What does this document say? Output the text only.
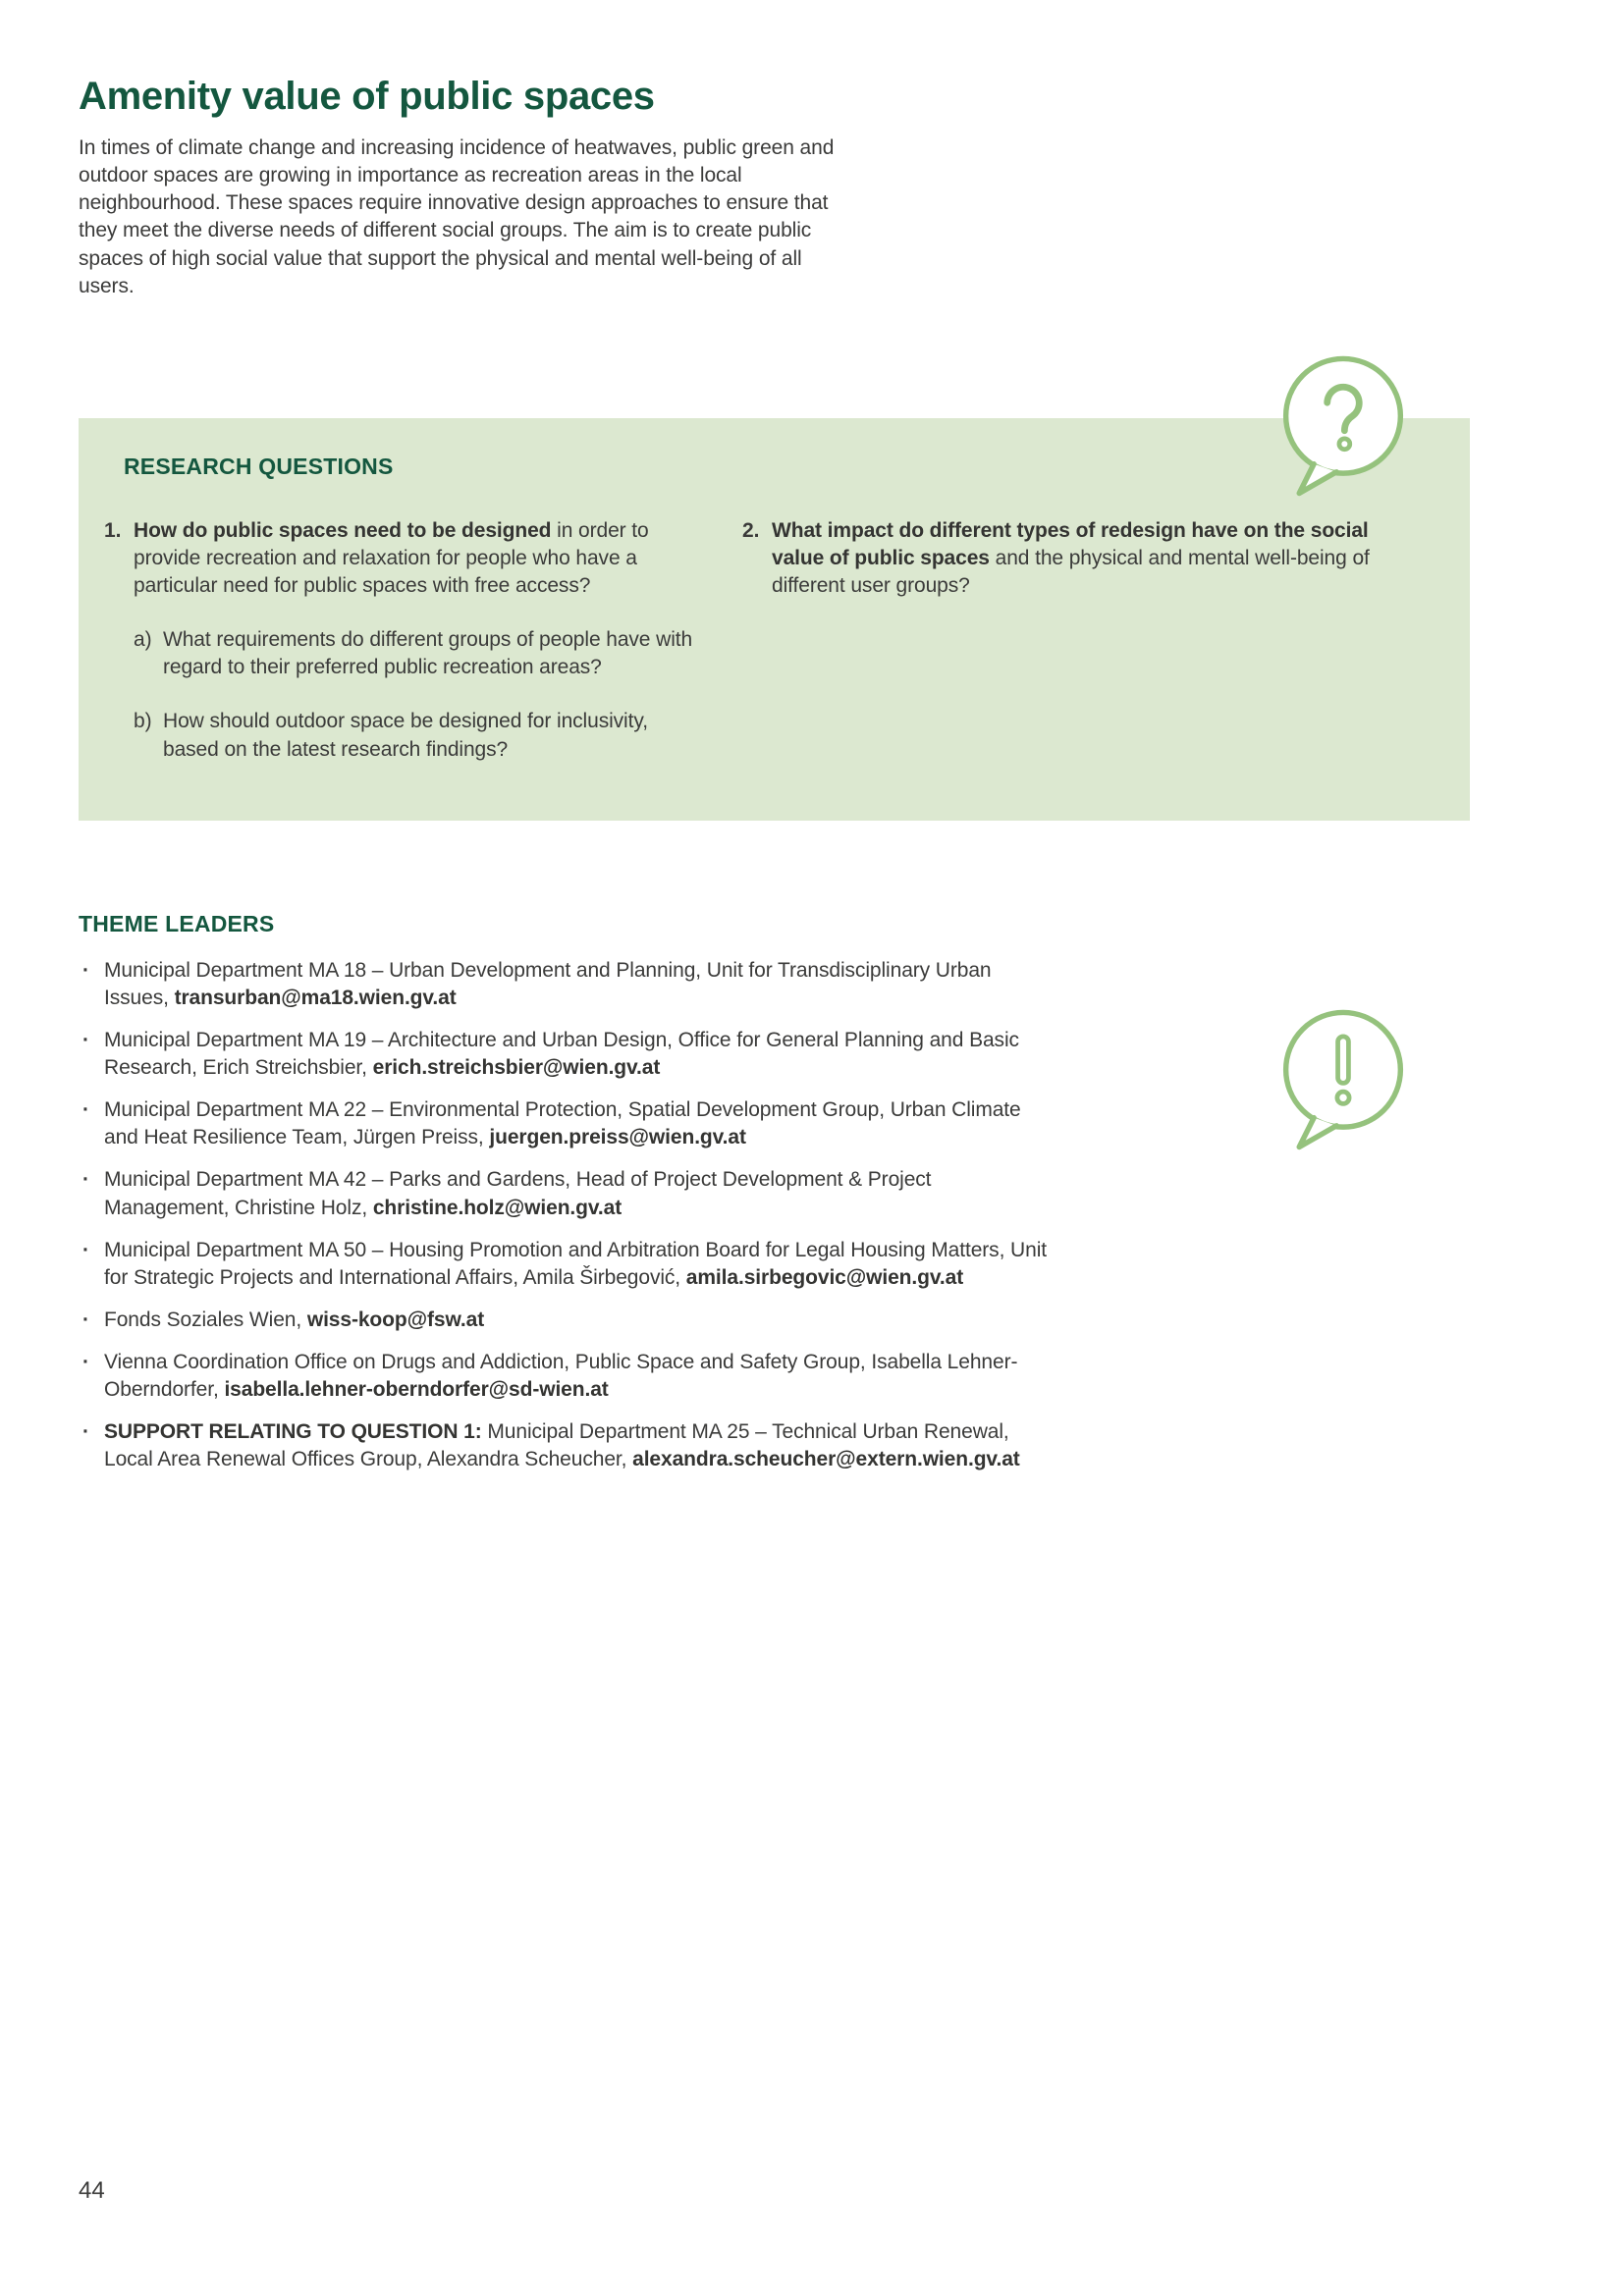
Amenity value of public spaces

In times of climate change and increasing incidence of heatwaves, public green and outdoor spaces are growing in importance as recreation areas in the local neighbourhood. These spaces require innovative design approaches to ensure that they meet the diverse needs of different social groups. The aim is to create public spaces of high social value that support the physical and mental well-being of all users.

RESEARCH QUESTIONS
1. How do public spaces need to be designed in order to provide recreation and relaxation for people who have a particular need for public spaces with free access?
a) What requirements do different groups of people have with regard to their preferred public recreation areas?
b) How should outdoor space be designed for inclusivity, based on the latest research findings?
2. What impact do different types of redesign have on the social value of public spaces and the physical and mental well-being of different user groups?
THEME LEADERS
· Municipal Department MA 18 – Urban Development and Planning, Unit for Transdisciplinary Urban Issues, transurban@ma18.wien.gv.at
· Municipal Department MA 19 – Architecture and Urban Design, Office for General Planning and Basic Research, Erich Streichsbier, erich.streichsbier@wien.gv.at
· Municipal Department MA 22 – Environmental Protection, Spatial Development Group, Urban Climate and Heat Resilience Team, Jürgen Preiss, juergen.preiss@wien.gv.at
· Municipal Department MA 42 – Parks and Gardens, Head of Project Development & Project Management, Christine Holz, christine.holz@wien.gv.at
· Municipal Department MA 50 – Housing Promotion and Arbitration Board for Legal Housing Matters, Unit for Strategic Projects and International Affairs, Amila Širbegović, amila.sirbegovic@wien.gv.at
· Fonds Soziales Wien, wiss-koop@fsw.at
· Vienna Coordination Office on Drugs and Addiction, Public Space and Safety Group, Isabella Lehner-Oberndorfer, isabella.lehner-oberndorfer@sd-wien.at
· SUPPORT RELATING TO QUESTION 1: Municipal Department MA 25 – Technical Urban Renewal, Local Area Renewal Offices Group, Alexandra Scheucher, alexandra.scheucher@extern.wien.gv.at
44
